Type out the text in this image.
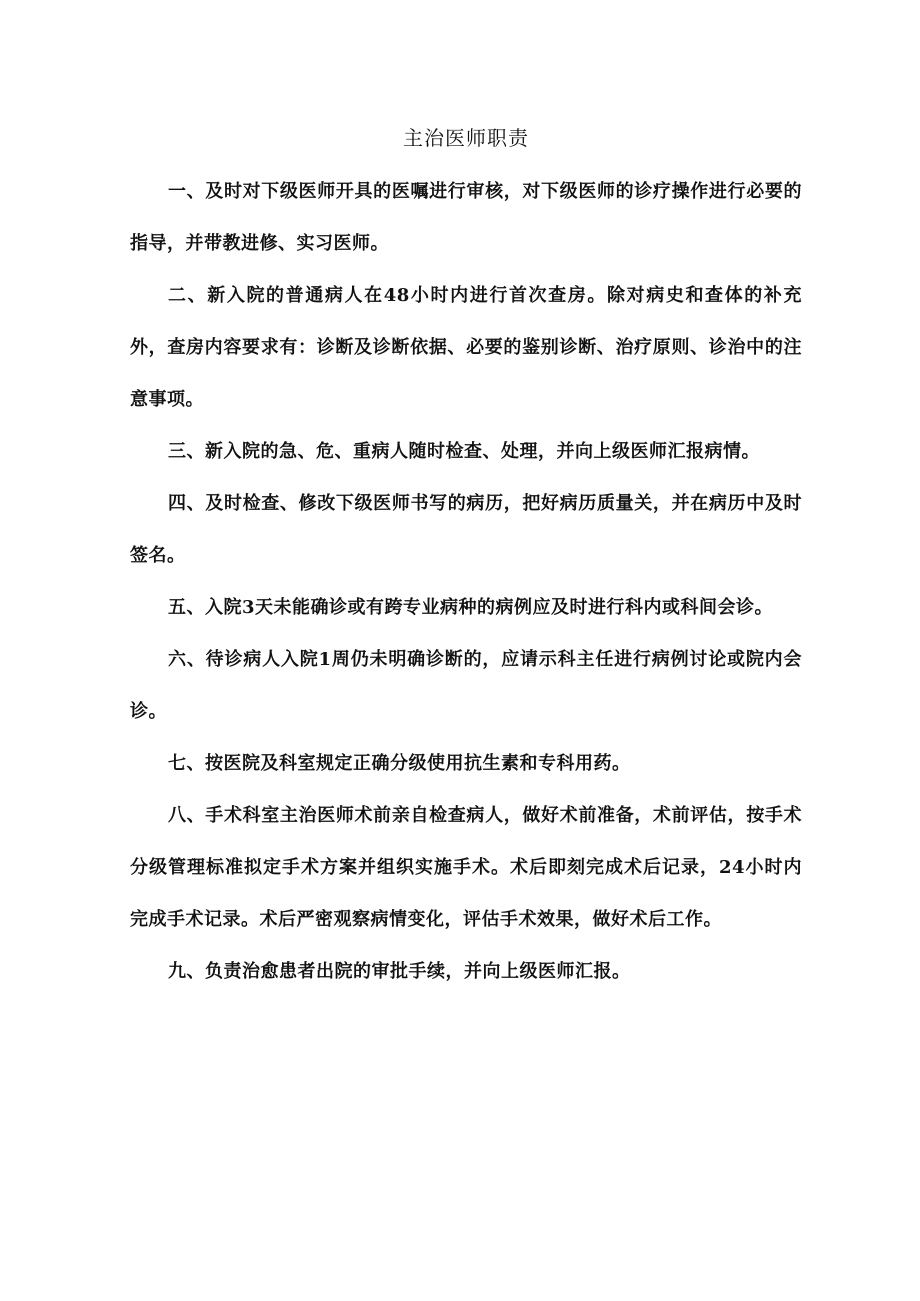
主治医师职责

一、及时对下级医师开具的医嘱进行审核，对下级医师的诊疗操作进行必要的指导，并带教进修、实习医师。

二、新入院的普通病人在48小时内进行首次查房。除对病史和查体的补充外，查房内容要求有：诊断及诊断依据、必要的鉴别诊断、治疗原则、诊治中的注意事项。

三、新入院的急、危、重病人随时检查、处理，并向上级医师汇报病情。

四、及时检查、修改下级医师书写的病历，把好病历质量关，并在病历中及时签名。

五、入院3天未能确诊或有跨专业病种的病例应及时进行科内或科间会诊。

六、待诊病人入院1周仍未明确诊断的，应请示科主任进行病例讨论或院内会诊。

七、按医院及科室规定正确分级使用抗生素和专科用药。

八、手术科室主治医师术前亲自检查病人，做好术前准备，术前评估，按手术分级管理标准拟定手术方案并组织实施手术。术后即刻完成术后记录，24小时内完成手术记录。术后严密观察病情变化，评估手术效果，做好术后工作。

九、负责治愈患者出院的审批手续，并向上级医师汇报。
